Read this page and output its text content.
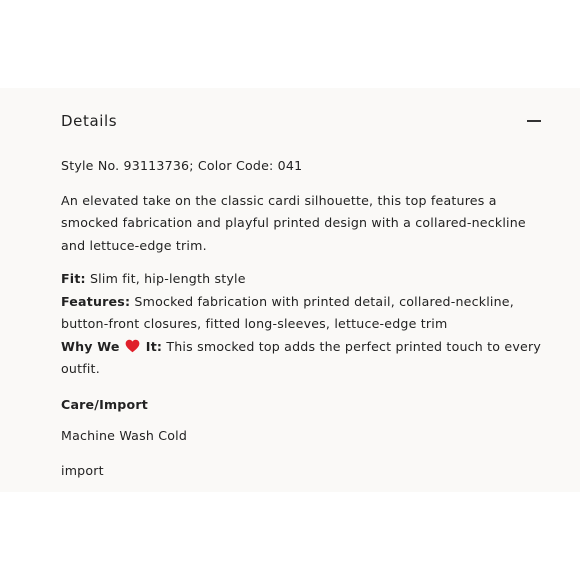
Details

Style No. 93113736; Color Code: 041

An elevated take on the classic cardi silhouette, this top features a smocked fabrication and playful printed design with a collared-neckline and lettuce-edge trim.

Fit: Slim fit, hip-length style

Features: Smocked fabrication with printed detail, collared-neckline, button-front closures, fitted long-sleeves, lettuce-edge trim

Why We  It: This smocked top adds the perfect printed touch to every outfit.

Care/Import

Machine Wash Cold

import
